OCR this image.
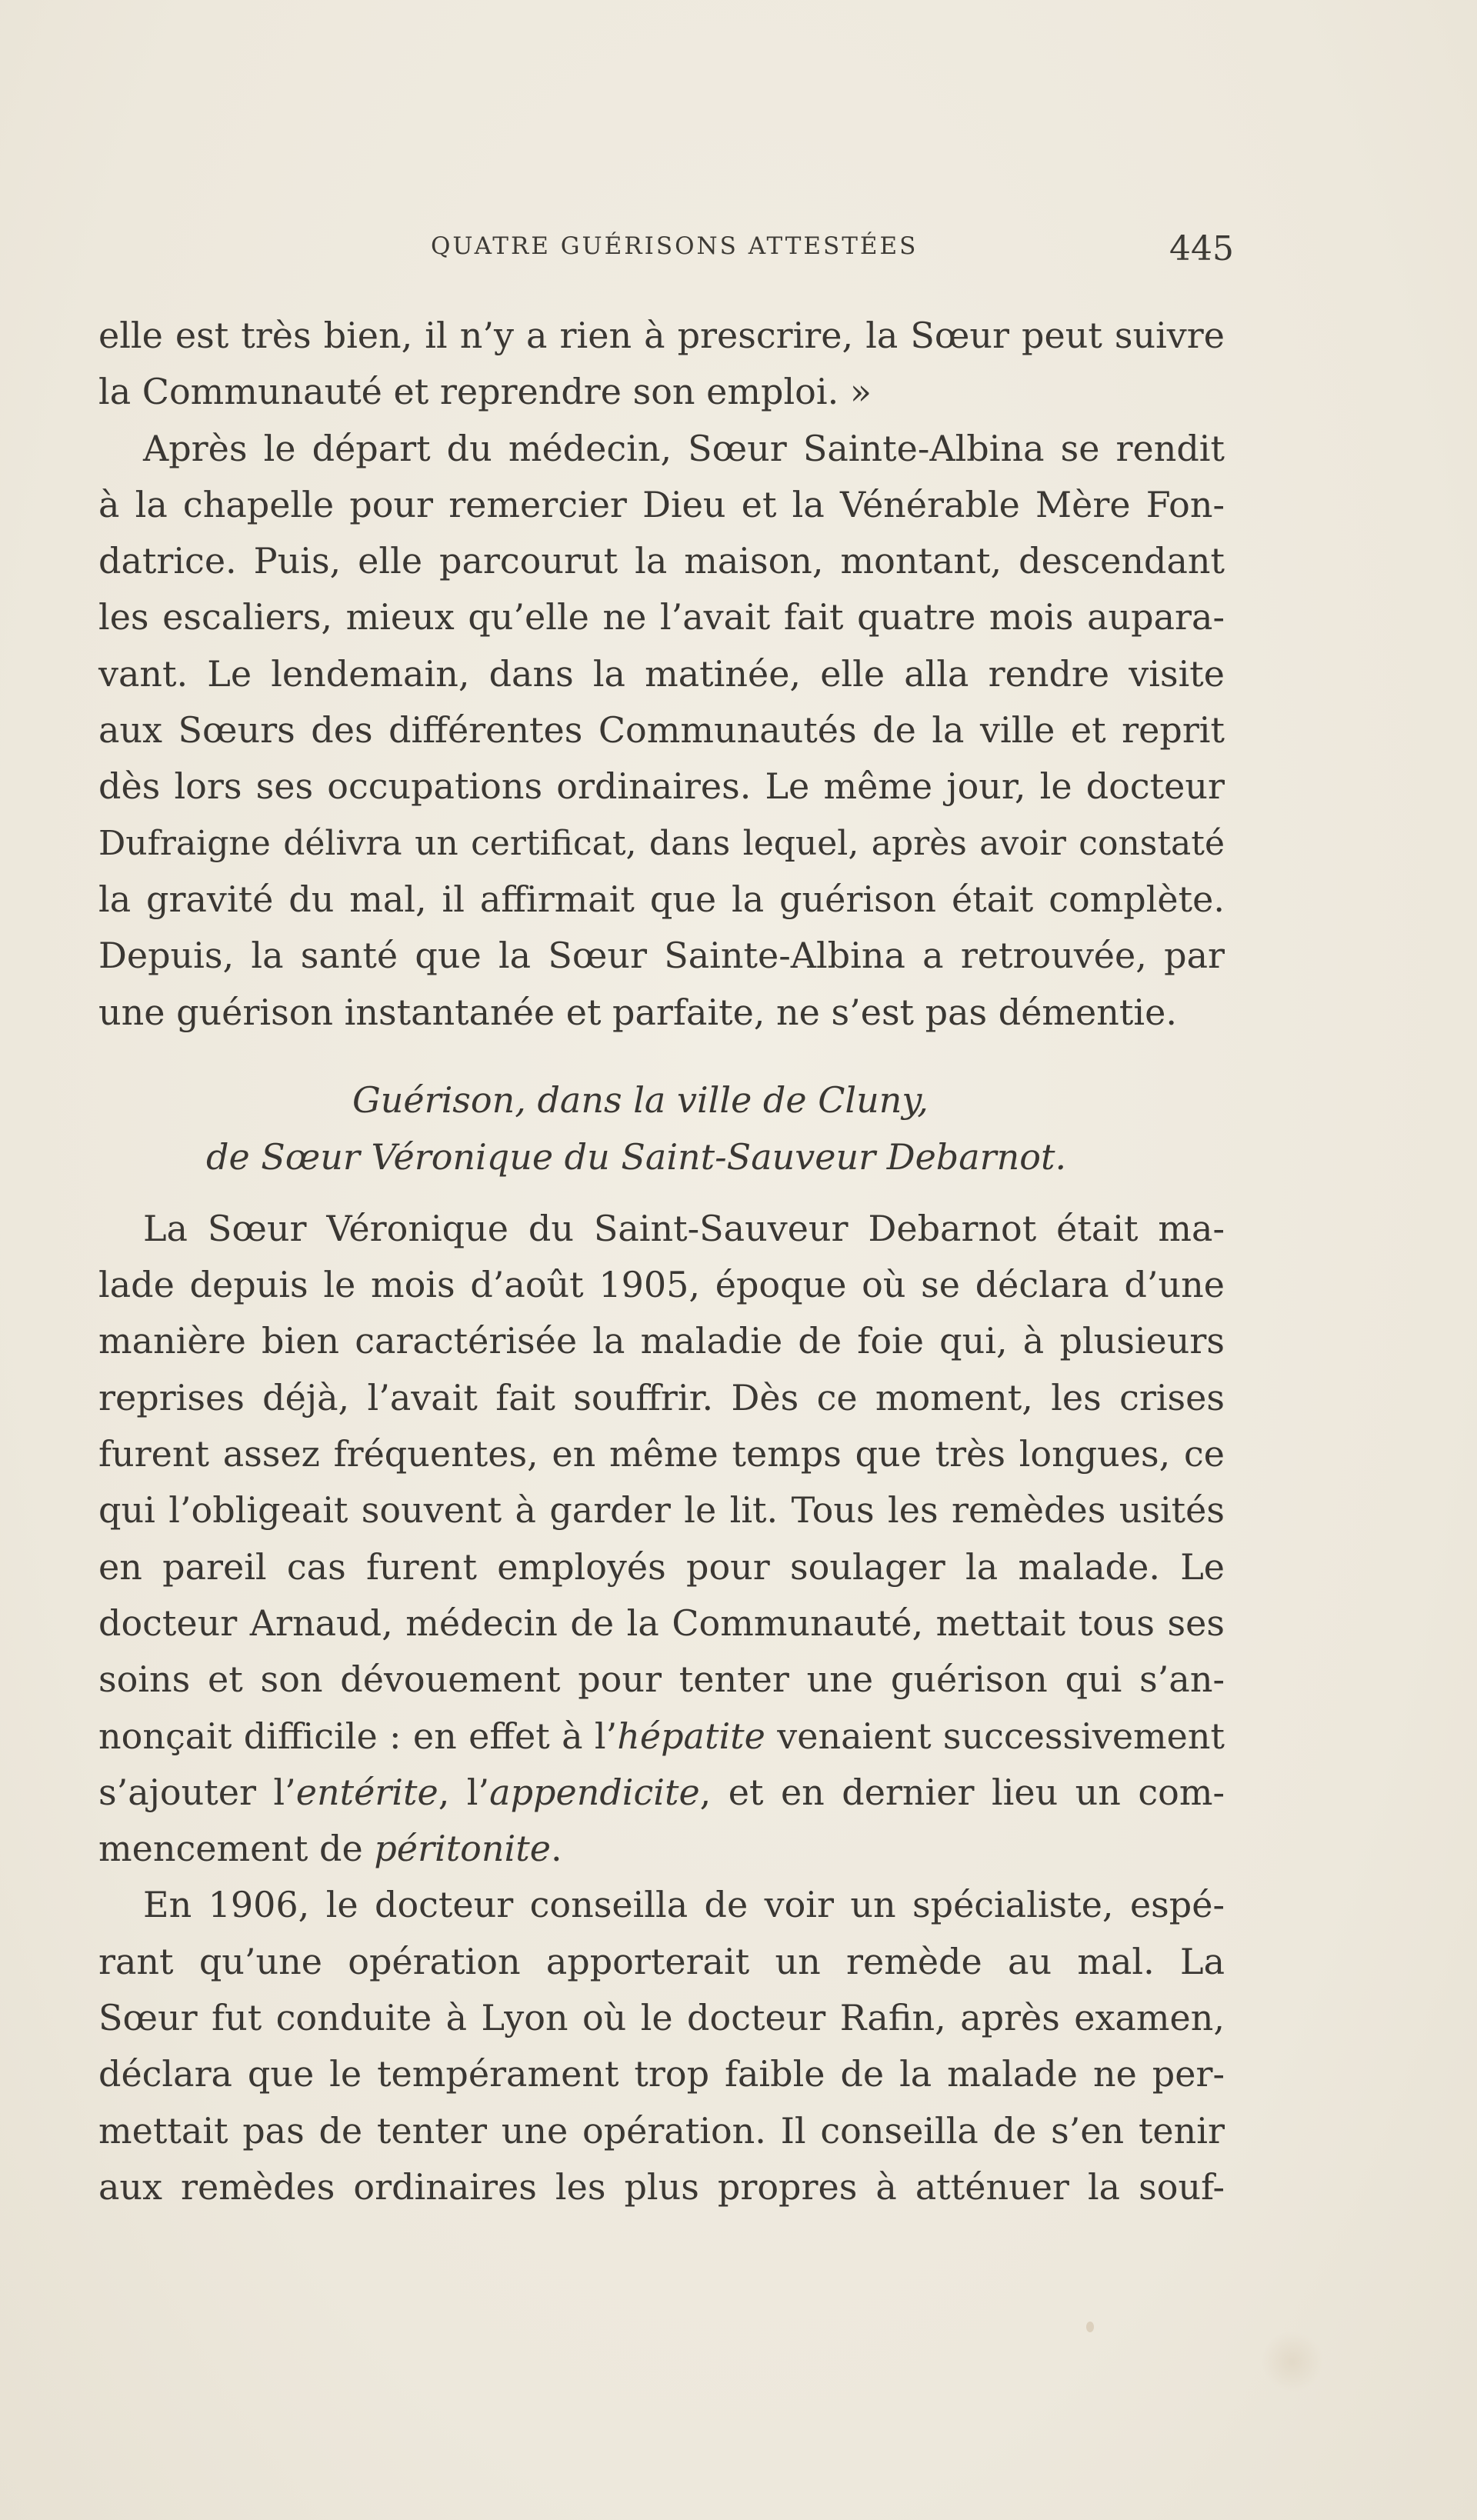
QUATRE GUÉRISONS ATTESTÉES	445
elle est très bien, il n’y a rien à prescrire, la Sœur peut suivre
la Communauté et reprendre son emploi. »
Après le départ du médecin, Sœur Sainte-Albina se rendit
à la chapelle pour remercier Dieu et la Vénérable Mère Fon-
datrice. Puis, elle parcourut la maison, montant, descendant
les escaliers, mieux qu’elle ne l’avait fait quatre mois aupara-
vant. Le lendemain, dans la matinée, elle alla rendre visite
aux Sœurs des différentes Communautés de la ville et reprit
dès lors ses occupations ordinaires. Le même jour, le docteur
Dufraigne délivra un certificat, dans lequel, après avoir constaté
la gravité du mal, il affirmait que la guérison était complète.
Depuis, la santé que la Sœur Sainte-Albina a retrouvée, par
une guérison instantanée et parfaite, ne s’est pas démentie.
Guérison, dans la ville de Cluny,
de Sœur Véronique du Saint-Sauveur Debarnot.
La Sœur Véronique du Saint-Sauveur Debarnot était ma-
lade depuis le mois d’août 1905, époque où se déclara d’une
manière bien caractérisée la maladie de foie qui, à plusieurs
reprises déjà, l’avait fait souffrir. Dès ce moment, les crises
furent assez fréquentes, en même temps que très longues, ce
qui l’obligeait souvent à garder le lit. Tous les remèdes usités
en pareil cas furent employés pour soulager la malade. Le
docteur Arnaud, médecin de la Communauté, mettait tous ses
soins et son dévouement pour tenter une guérison qui s’an-
nonçait difficile : en effet à l’hépatite venaient successivement
s’ajouter l’entérite, l’appendicite, et en dernier lieu un com-
mencement de péritonite.
En 1906, le docteur conseilla de voir un spécialiste, espé-
rant qu’une opération apporterait un remède au mal. La
Sœur fut conduite à Lyon où le docteur Rafin, après examen,
déclara que le tempérament trop faible de la malade ne per-
mettait pas de tenter une opération. Il conseilla de s’en tenir
aux remèdes ordinaires les plus propres à atténuer la souf-
